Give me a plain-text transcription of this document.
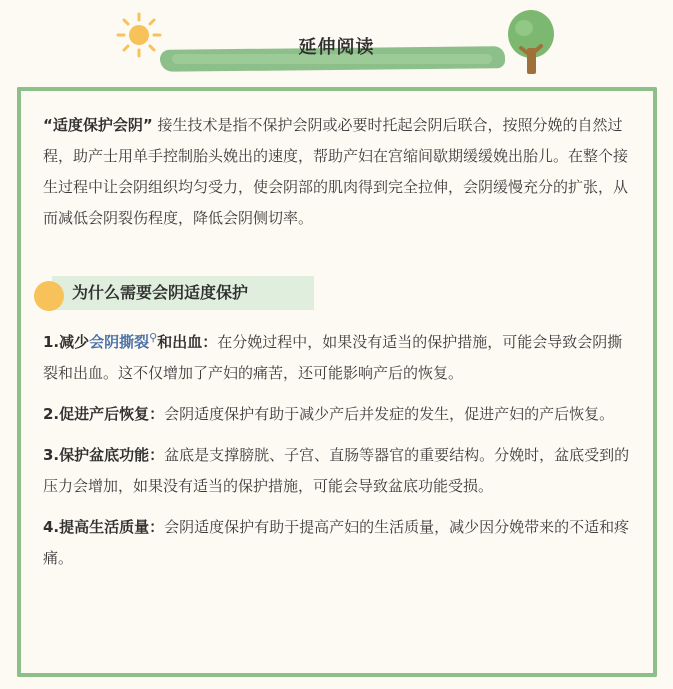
延伸阅读

“适度保护会阴” 接生技术是指不保护会阴或必要时托起会阴后联合，按照分娩的自然过程，助产士用单手控制胎头娩出的速度，帮助产妇在宫缩间歇期缓缓娩出胎儿。在整个接生过程中让会阴组织均匀受力，使会阴部的肌肉得到完全拉伸，会阴缓慢充分的扩张，从而减低会阴裂伤程度，降低会阴侧切率。

为什么需要会阴适度保护

1.减少会阴撕裂⚲和出血：在分娩过程中，如果没有适当的保护措施，可能会导致会阴撕裂和出血。这不仅增加了产妇的痛苦，还可能影响产后的恢复。

2.促进产后恢复：会阴适度保护有助于减少产后并发症的发生，促进产妇的产后恢复。

3.保护盆底功能：盆底是支撑膀胱、子宫、直肠等器官的重要结构。分娩时，盆底受到的压力会增加，如果没有适当的保护措施，可能会导致盆底功能受损。

4.提高生活质量：会阴适度保护有助于提高产妇的生活质量，减少因分娩带来的不适和疼痛。
